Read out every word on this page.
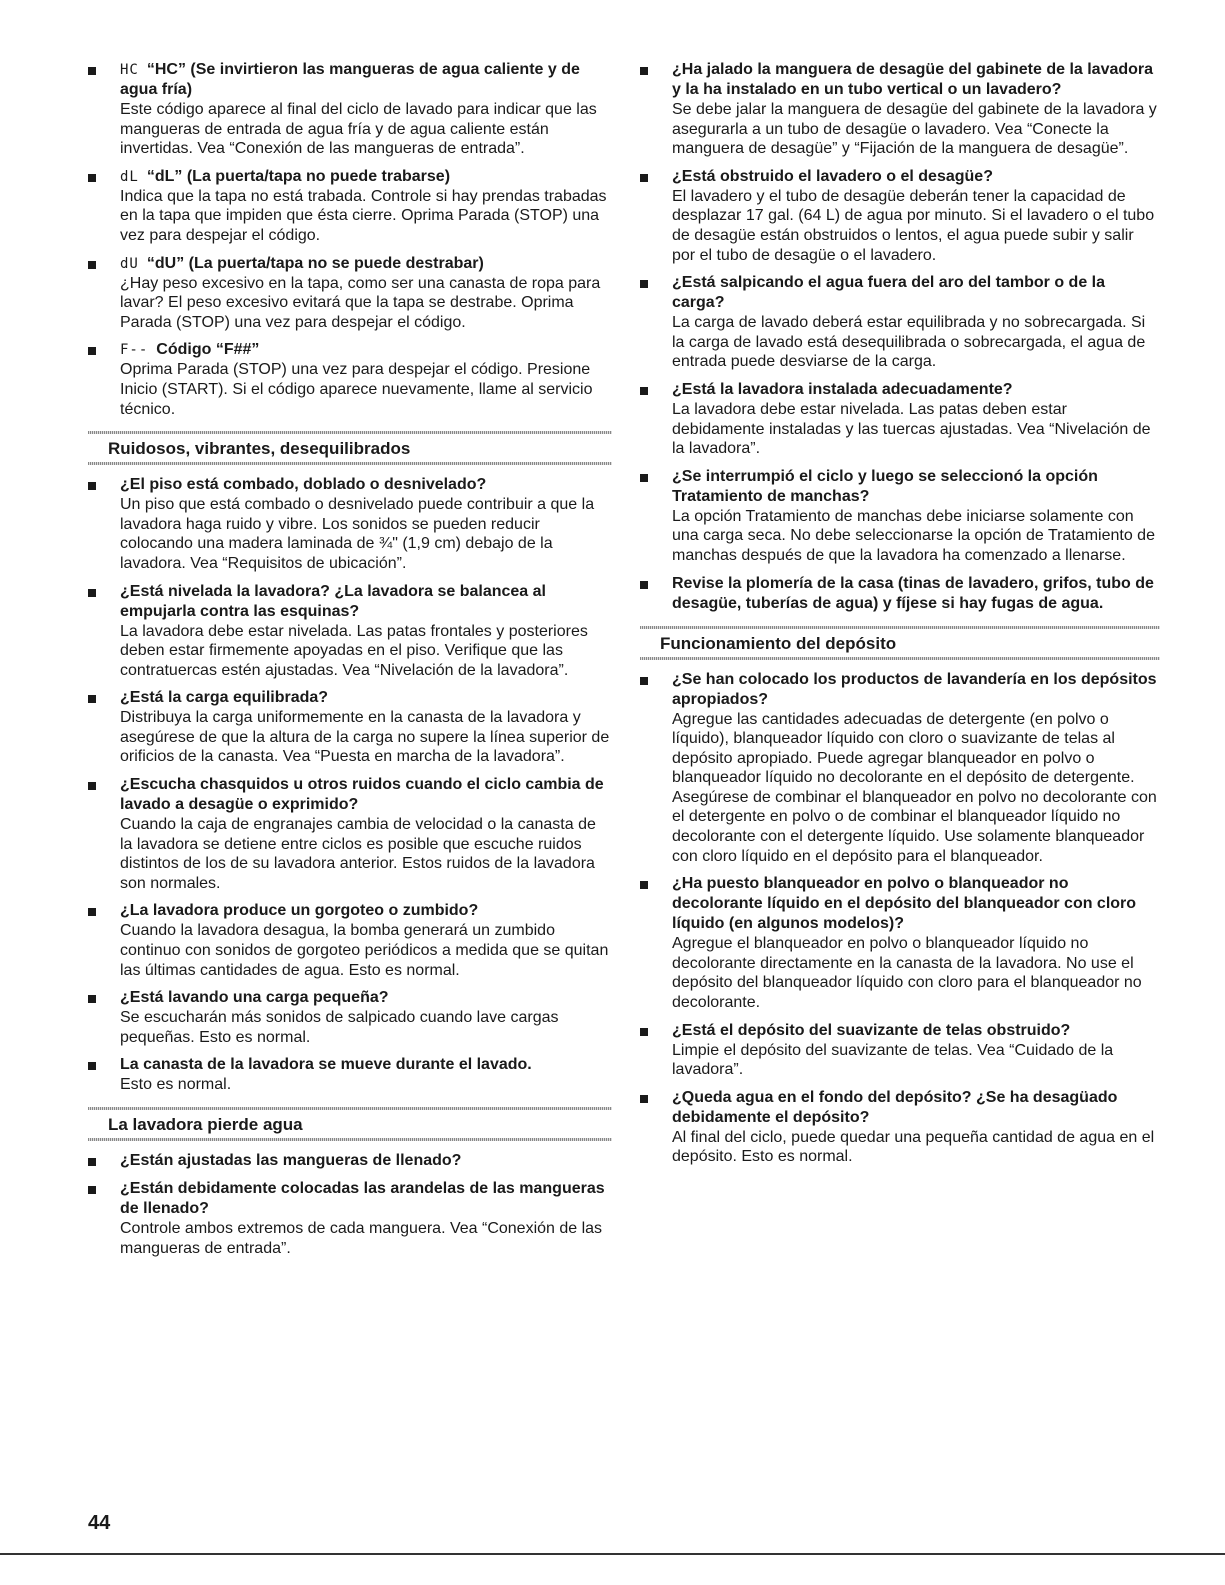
HC “HC” (Se invirtieron las mangueras de agua caliente y de agua fría)
Este código aparece al final del ciclo de lavado para indicar que las mangueras de entrada de agua fría y de agua caliente están invertidas. Vea “Conexión de las mangueras de entrada”.
dL “dL” (La puerta/tapa no puede trabarse)
Indica que la tapa no está trabada. Controle si hay prendas trabadas en la tapa que impiden que ésta cierre. Oprima Parada (STOP) una vez para despejar el código.
dU “dU” (La puerta/tapa no se puede destrabar)
¿Hay peso excesivo en la tapa, como ser una canasta de ropa para lavar? El peso excesivo evitará que la tapa se destrabe. Oprima Parada (STOP) una vez para despejar el código.
F-- Código “F##”
Oprima Parada (STOP) una vez para despejar el código. Presione Inicio (START). Si el código aparece nuevamente, llame al servicio técnico.
Ruidosos, vibrantes, desequilibrados
¿El piso está combado, doblado o desnivelado?
Un piso que está combado o desnivelado puede contribuir a que la lavadora haga ruido y vibre. Los sonidos se pueden reducir colocando una madera laminada de ¾" (1,9 cm) debajo de la lavadora. Vea “Requisitos de ubicación”.
¿Está nivelada la lavadora? ¿La lavadora se balancea al empujarla contra las esquinas?
La lavadora debe estar nivelada. Las patas frontales y posteriores deben estar firmemente apoyadas en el piso. Verifique que las contratuercas estén ajustadas. Vea “Nivelación de la lavadora”.
¿Está la carga equilibrada?
Distribuya la carga uniformemente en la canasta de la lavadora y asegúrese de que la altura de la carga no supere la línea superior de orificios de la canasta. Vea “Puesta en marcha de la lavadora”.
¿Escucha chasquidos u otros ruidos cuando el ciclo cambia de lavado a desagüe o exprimido?
Cuando la caja de engranajes cambia de velocidad o la canasta de la lavadora se detiene entre ciclos es posible que escuche ruidos distintos de los de su lavadora anterior. Estos ruidos de la lavadora son normales.
¿La lavadora produce un gorgoteo o zumbido?
Cuando la lavadora desagua, la bomba generará un zumbido continuo con sonidos de gorgoteo periódicos a medida que se quitan las últimas cantidades de agua. Esto es normal.
¿Está lavando una carga pequeña?
Se escucharán más sonidos de salpicado cuando lave cargas pequeñas. Esto es normal.
La canasta de la lavadora se mueve durante el lavado.
Esto es normal.
La lavadora pierde agua
¿Están ajustadas las mangueras de llenado?
¿Están debidamente colocadas las arandelas de las mangueras de llenado?
Controle ambos extremos de cada manguera. Vea “Conexión de las mangueras de entrada”.
¿Ha jalado la manguera de desagüe del gabinete de la lavadora y la ha instalado en un tubo vertical o un lavadero?
Se debe jalar la manguera de desagüe del gabinete de la lavadora y asegurarla a un tubo de desagüe o lavadero. Vea “Conecte la manguera de desagüe” y “Fijación de la manguera de desagüe”.
¿Está obstruido el lavadero o el desagüe?
El lavadero y el tubo de desagüe deberán tener la capacidad de desplazar 17 gal. (64 L) de agua por minuto. Si el lavadero o el tubo de desagüe están obstruidos o lentos, el agua puede subir y salir por el tubo de desagüe o el lavadero.
¿Está salpicando el agua fuera del aro del tambor o de la carga?
La carga de lavado deberá estar equilibrada y no sobrecargada. Si la carga de lavado está desequilibrada o sobrecargada, el agua de entrada puede desviarse de la carga.
¿Está la lavadora instalada adecuadamente?
La lavadora debe estar nivelada. Las patas deben estar debidamente instaladas y las tuercas ajustadas. Vea “Nivelación de la lavadora”.
¿Se interrumpió el ciclo y luego se seleccionó la opción Tratamiento de manchas?
La opción Tratamiento de manchas debe iniciarse solamente con una carga seca. No debe seleccionarse la opción de Tratamiento de manchas después de que la lavadora ha comenzado a llenarse.
Revise la plomería de la casa (tinas de lavadero, grifos, tubo de desagüe, tuberías de agua) y fíjese si hay fugas de agua.
Funcionamiento del depósito
¿Se han colocado los productos de lavandería en los depósitos apropiados?
Agregue las cantidades adecuadas de detergente (en polvo o líquido), blanqueador líquido con cloro o suavizante de telas al depósito apropiado. Puede agregar blanqueador en polvo o blanqueador líquido no decolorante en el depósito de detergente. Asegúrese de combinar el blanqueador en polvo no decolorante con el detergente en polvo o de combinar el blanqueador líquido no decolorante con el detergente líquido. Use solamente blanqueador con cloro líquido en el depósito para el blanqueador.
¿Ha puesto blanqueador en polvo o blanqueador no decolorante líquido en el depósito del blanqueador con cloro líquido (en algunos modelos)?
Agregue el blanqueador en polvo o blanqueador líquido no decolorante directamente en la canasta de la lavadora. No use el depósito del blanqueador líquido con cloro para el blanqueador no decolorante.
¿Está el depósito del suavizante de telas obstruido?
Limpie el depósito del suavizante de telas. Vea “Cuidado de la lavadora”.
¿Queda agua en el fondo del depósito? ¿Se ha desagüado debidamente el depósito?
Al final del ciclo, puede quedar una pequeña cantidad de agua en el depósito. Esto es normal.
44
